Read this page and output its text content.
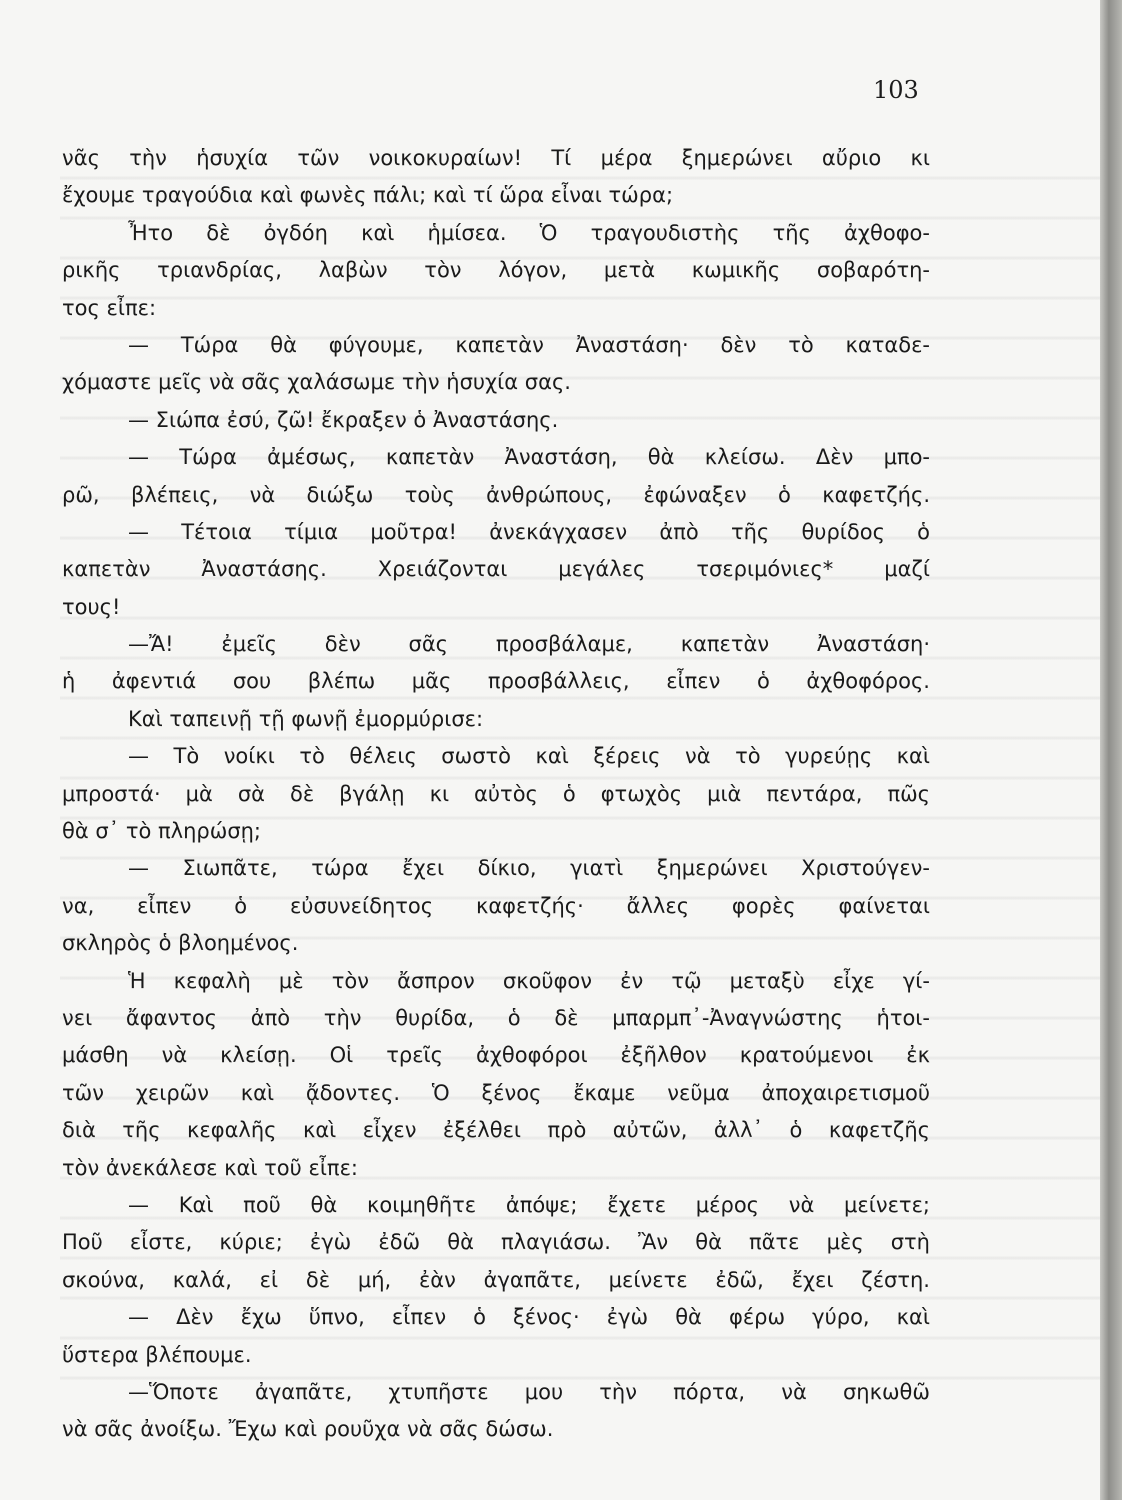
103
νᾶς τὴν ἡσυχία τῶν νοικοκυραίων! Τί μέρα ξημερώνει αὔριο κι
ἔχουμε τραγούδια καὶ φωνὲς πάλι; καὶ τί ὥρα εἶναι τώρα;
Ἦτο δὲ ὀγδόη καὶ ἡμίσεα. Ὁ τραγουδιστὴς τῆς ἀχθοφο-
ρικῆς τριανδρίας, λαβὼν τὸν λόγον, μετὰ κωμικῆς σοβαρότη-
τος εἶπε:
— Τώρα θὰ φύγουμε, καπετὰν Ἀναστάση· δὲν τὸ καταδε-
χόμαστε μεῖς νὰ σᾶς χαλάσωμε τὴν ἡσυχία σας.
— Σιώπα ἐσύ, ζῶ! ἔκραξεν ὁ Ἀναστάσης.
— Τώρα ἀμέσως, καπετὰν Ἀναστάση, θὰ κλείσω. Δὲν μπο-
ρῶ, βλέπεις, νὰ διώξω τοὺς ἀνθρώπους, ἐφώναξεν ὁ καφετζής.
— Τέτοια τίμια μοῦτρα! ἀνεκάγχασεν ἀπὸ τῆς θυρίδος ὁ
καπετὰν Ἀναστάσης. Χρειάζονται μεγάλες τσεριμόνιες* μαζί
τους!
—Ἄ! ἐμεῖς δὲν σᾶς προσβάλαμε, καπετὰν Ἀναστάση·
ἡ ἀφεντιά σου βλέπω μᾶς προσβάλλεις, εἶπεν ὁ ἀχθοφόρος.
Καὶ ταπεινῇ τῇ φωνῇ ἐμορμύρισε:
— Τὸ νοίκι τὸ θέλεις σωστὸ καὶ ξέρεις νὰ τὸ γυρεύῃς καὶ
μπροστά· μὰ σὰ δὲ βγάλῃ κι αὐτὸς ὁ φτωχὸς μιὰ πεντάρα, πῶς
θὰ σ᾿ τὸ πληρώσῃ;
— Σιωπᾶτε, τώρα ἔχει δίκιο, γιατὶ ξημερώνει Χριστούγεν-
να, εἶπεν ὁ εὐσυνείδητος καφετζής· ἄλλες φορὲς φαίνεται
σκληρὸς ὁ βλοημένος.
Ἡ κεφαλὴ μὲ τὸν ἄσπρον σκοῦφον ἐν τῷ μεταξὺ εἶχε γί-
νει ἄφαντος ἀπὸ τὴν θυρίδα, ὁ δὲ μπαρμπ᾿-Ἀναγνώστης ἡτοι-
μάσθη νὰ κλείσῃ. Οἱ τρεῖς ἀχθοφόροι ἐξῆλθον κρατούμενοι ἐκ
τῶν χειρῶν καὶ ᾄδοντες. Ὁ ξένος ἔκαμε νεῦμα ἀποχαιρετισμοῦ
διὰ τῆς κεφαλῆς καὶ εἶχεν ἐξέλθει πρὸ αὐτῶν, ἀλλ᾿ ὁ καφετζῆς
τὸν ἀνεκάλεσε καὶ τοῦ εἶπε:
— Καὶ ποῦ θὰ κοιμηθῆτε ἀπόψε; ἔχετε μέρος νὰ μείνετε;
Ποῦ εἶστε, κύριε; ἐγὼ ἐδῶ θὰ πλαγιάσω. Ἂν θὰ πᾶτε μὲς στὴ
σκούνα, καλά, εἰ δὲ μή, ἐὰν ἀγαπᾶτε, μείνετε ἐδῶ, ἔχει ζέστη.
— Δὲν ἔχω ὕπνο, εἶπεν ὁ ξένος· ἐγὼ θὰ φέρω γύρο, καὶ
ὕστερα βλέπουμε.
—Ὅποτε ἀγαπᾶτε, χτυπῆστε μου τὴν πόρτα, νὰ σηκωθῶ
νὰ σᾶς ἀνοίξω. Ἔχω καὶ ρουῦχα νὰ σᾶς δώσω.
